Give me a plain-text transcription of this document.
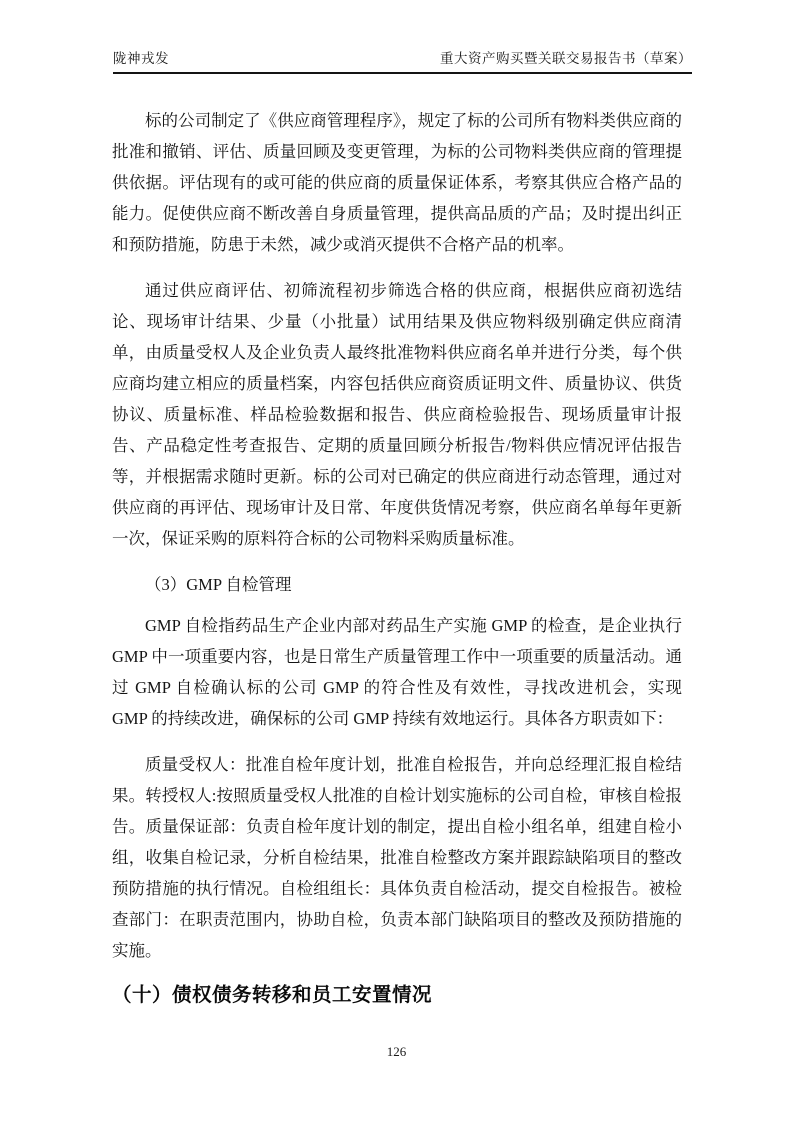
陇神戎发	重大资产购买暨关联交易报告书（草案）

标的公司制定了《供应商管理程序》，规定了标的公司所有物料类供应商的批准和撤销、评估、质量回顾及变更管理，为标的公司物料类供应商的管理提供依据。评估现有的或可能的供应商的质量保证体系，考察其供应合格产品的能力。促使供应商不断改善自身质量管理，提供高品质的产品；及时提出纠正和预防措施，防患于未然，减少或消灭提供不合格产品的机率。

通过供应商评估、初筛流程初步筛选合格的供应商，根据供应商初选结论、现场审计结果、少量（小批量）试用结果及供应物料级别确定供应商清单，由质量受权人及企业负责人最终批准物料供应商名单并进行分类，每个供应商均建立相应的质量档案，内容包括供应商资质证明文件、质量协议、供货协议、质量标准、样品检验数据和报告、供应商检验报告、现场质量审计报告、产品稳定性考查报告、定期的质量回顾分析报告/物料供应情况评估报告等，并根据需求随时更新。标的公司对已确定的供应商进行动态管理，通过对供应商的再评估、现场审计及日常、年度供货情况考察，供应商名单每年更新一次，保证采购的原料符合标的公司物料采购质量标准。

（3）GMP 自检管理

GMP 自检指药品生产企业内部对药品生产实施 GMP 的检查，是企业执行 GMP 中一项重要内容，也是日常生产质量管理工作中一项重要的质量活动。通过 GMP 自检确认标的公司 GMP 的符合性及有效性，寻找改进机会，实现 GMP 的持续改进，确保标的公司 GMP 持续有效地运行。具体各方职责如下：

质量受权人：批准自检年度计划，批准自检报告，并向总经理汇报自检结果。转授权人:按照质量受权人批准的自检计划实施标的公司自检，审核自检报告。质量保证部：负责自检年度计划的制定，提出自检小组名单，组建自检小组，收集自检记录，分析自检结果，批准自检整改方案并跟踪缺陷项目的整改预防措施的执行情况。自检组组长：具体负责自检活动，提交自检报告。被检查部门：在职责范围内，协助自检，负责本部门缺陷项目的整改及预防措施的实施。

（十）债权债务转移和员工安置情况
126
